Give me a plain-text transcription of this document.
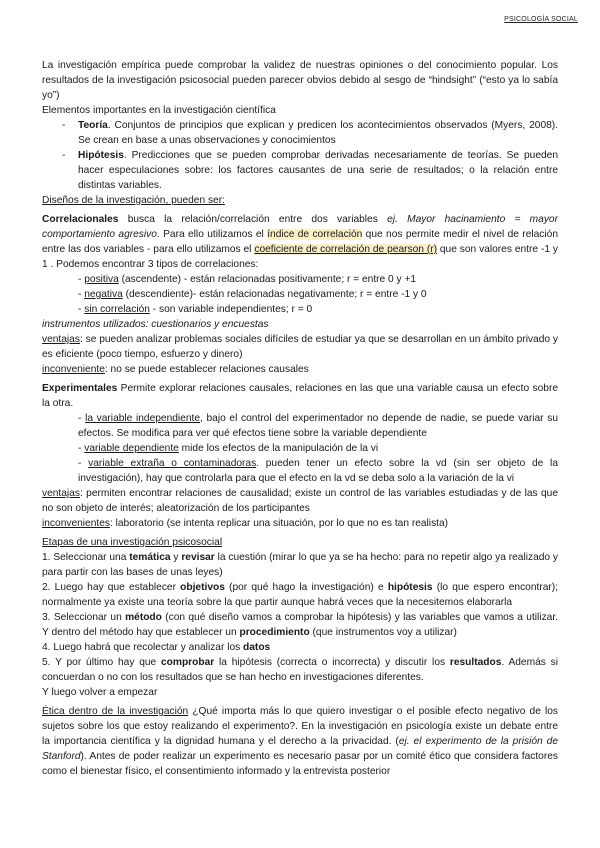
PSICOLOGÍA SOCIAL

La investigación empírica puede comprobar la validez de nuestras opiniones o del conocimiento popular. Los resultados de la investigación psicosocial pueden parecer obvios debido al sesgo de “hindsight” (“esto ya lo sabía yo”)

Elementos importantes en la investigación científica

-	Teoría. Conjuntos de principios que explican y predicen los acontecimientos observados (Myers, 2008). Se crean en base a unas observaciones y conocimientos
-	Hipótesis. Predicciones que se pueden comprobar derivadas necesariamente de teorías. Se pueden hacer especulaciones sobre: los factores causantes de una serie de resultados; o la relación entre distintas variables.

Diseños de la investigación, pueden ser:

Correlacionales busca la relación/correlación entre dos variables ej. Mayor hacinamiento = mayor comportamiento agresivo. Para ello utilizamos el índice de correlación que nos permite medir el nivel de relación entre las dos variables - para ello utilizamos el coeficiente de correlación de pearson (r) que son valores entre -1 y 1 . Podemos encontrar 3 tipos de correlaciones:

- positiva (ascendente) - están relacionadas positivamente; r = entre 0 y +1
- negativa (descendiente)- están relacionadas negativamente; r = entre -1 y 0
- sin correlación - son variable independientes; r = 0

instrumentos utilizados: cuestionarios y encuestas

ventajas: se pueden analizar problemas sociales difíciles de estudiar ya que se desarrollan en un ámbito privado y es eficiente (poco tiempo, esfuerzo y dinero)

inconveniente: no se puede establecer relaciones causales

Experimentales Permite explorar relaciones causales, relaciones en las que una variable causa un efecto sobre la otra.

- la variable independiente, bajo el control del experimentador no depende de nadie, se puede variar su efectos. Se modifica para ver qué efectos tiene sobre la variable dependiente
- variable dependiente mide los efectos de la manipulación de la vi
- variable extraña o contaminadoras. pueden tener un efecto sobre la vd (sin ser objeto de la investigación), hay que controlarla para que el efecto en la vd se deba solo a la variación de la vi

ventajas: permiten encontrar relaciones de causalidad; existe un control de las variables estudiadas y de las que no son objeto de interés; aleatorización de los participantes

inconvenientes: laboratorio (se intenta replicar una situación, por lo que no es tan realista)

Etapas de una investigación psicosocial

1. Seleccionar una temática y revisar la cuestión (mirar lo que ya se ha hecho: para no repetir algo ya realizado y para partir con las bases de unas leyes)

2. Luego hay que establecer objetivos (por qué hago la investigación) e hipótesis (lo que espero encontrar); normalmente ya existe una teoría sobre la que partir aunque habrá veces que la necesitemos elaborarla

3. Seleccionar un método (con qué diseño vamos a comprobar la hipótesis) y las variables que vamos a utilizar. Y dentro del método hay que establecer un procedimiento (que instrumentos voy a utilizar)

4. Luego habrá que recolectar y analizar los datos

5. Y por último hay que comprobar la hipótesis (correcta o incorrecta) y discutir los resultados. Además si concuerdan o no con los resultados que se han hecho en investigaciones diferentes.

Y luego volver a empezar

Ética dentro de la investigación ¿Qué importa más lo que quiero investigar o el posible efecto negativo de los sujetos sobre los que estoy realizando el experimento?. En la investigación en psicología existe un debate entre la importancia científica y la dignidad humana y el derecho a la privacidad. (ej. el experimento de la prisión de Stanford). Antes de poder realizar un experimento es necesario pasar por un comité ético que considera factores como el bienestar físico, el consentimiento informado y la entrevista posterior
